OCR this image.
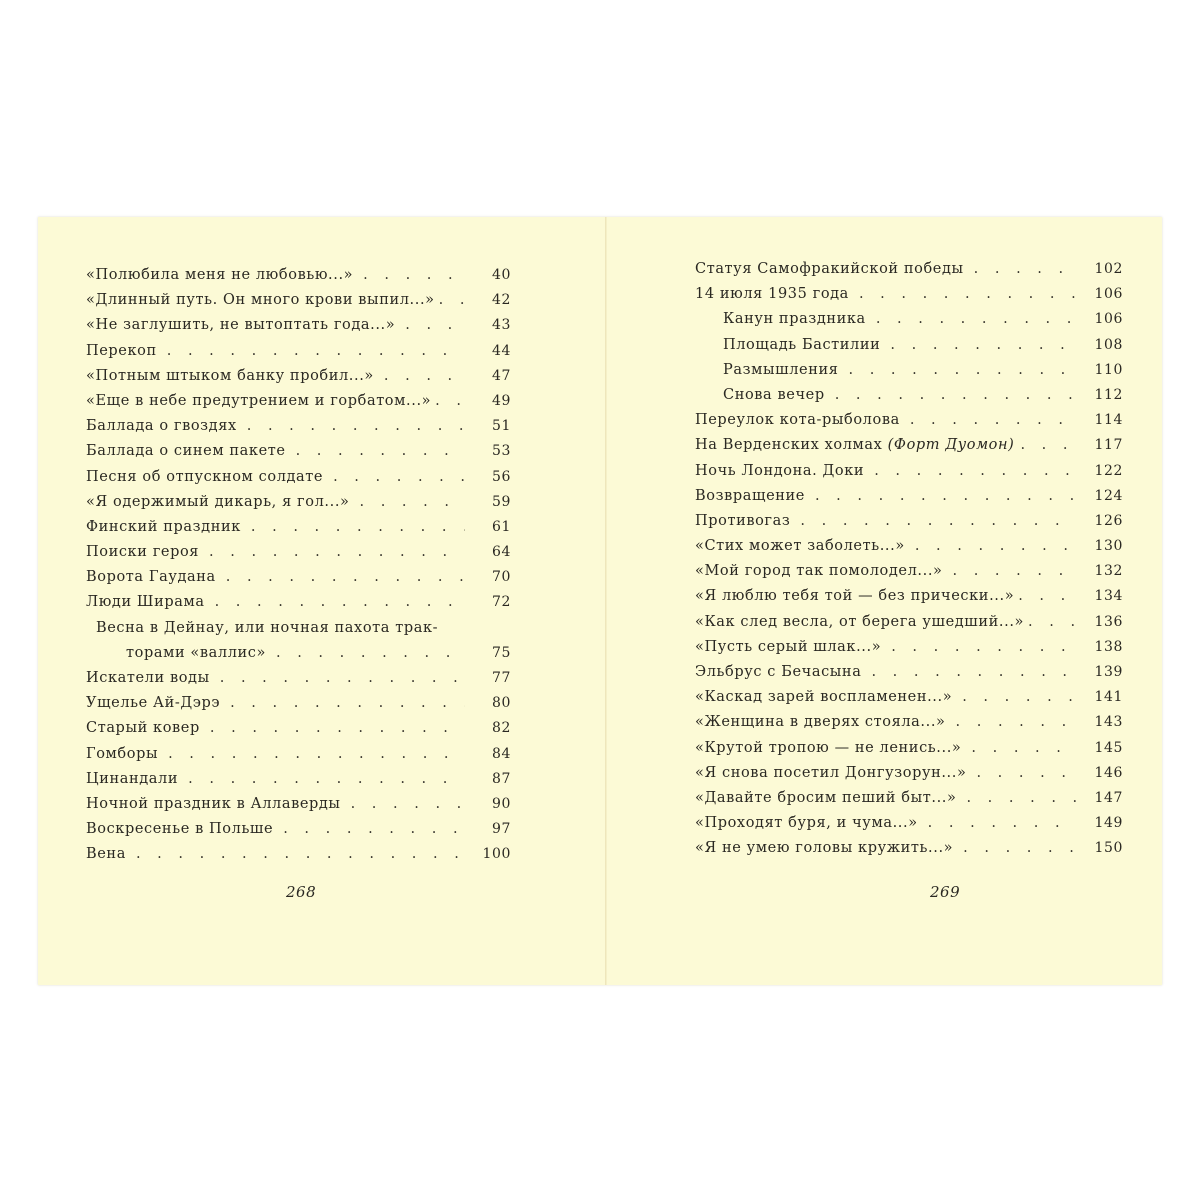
«Полюбила меня не любовью...» . . .	40
«Длинный путь. Он много крови выпил...» . . .	42
«Не заглушить, не вытоптать года...» . . .	43
Перекоп . . .	44
«Потным штыком банку пробил...» . . .	47
«Еще в небе предутрением и горбатом...» . . .	49
Баллада о гвоздях . . .	51
Баллада о синем пакете . . .	53
Песня об отпускном солдате . . .	56
«Я одержимый дикарь, я гол...» . . .	59
Финский праздник . . .	61
Поиски героя . . .	64
Ворота Гаудана . . .	70
Люди Ширама . . .	72
Весна в Дейнау, или ночная пахота трак-
торами «валлис» . . .	75
Искатели воды . . .	77
Ущелье Ай-Дэрэ . . .	80
Старый ковер . . .	82
Гомборы . . .	84
Цинандали . . .	87
Ночной праздник в Аллаверды . . .	90
Воскресенье в Польше . . .	97
Вена . . .	100
268
Статуя Самофракийской победы . . .	102
14 июля 1935 года . . .	106
Канун праздника . . .	106
Площадь Бастилии . . .	108
Размышления . . .	110
Снова вечер . . .	112
Переулок кота-рыболова . . .	114
На Верденских холмах (Форт Дуомон) . . .	117
Ночь Лондона. Доки . . .	122
Возвращение . . .	124
Противогаз . . .	126
«Стих может заболеть...» . . .	130
«Мой город так помолодел...» . . .	132
«Я люблю тебя той — без прически...» . . .	134
«Как след весла, от берега ушедший...» . . .	136
«Пусть серый шлак...» . . .	138
Эльбрус с Бечасына . . .	139
«Каскад зарей воспламенен...» . . .	141
«Женщина в дверях стояла...» . . .	143
«Крутой тропою — не ленись...» . . .	145
«Я снова посетил Донгузорун...» . . .	146
«Давайте бросим пеший быт...» . . .	147
«Проходят буря, и чума...» . . .	149
«Я не умею головы кружить...» . . .	150
269
